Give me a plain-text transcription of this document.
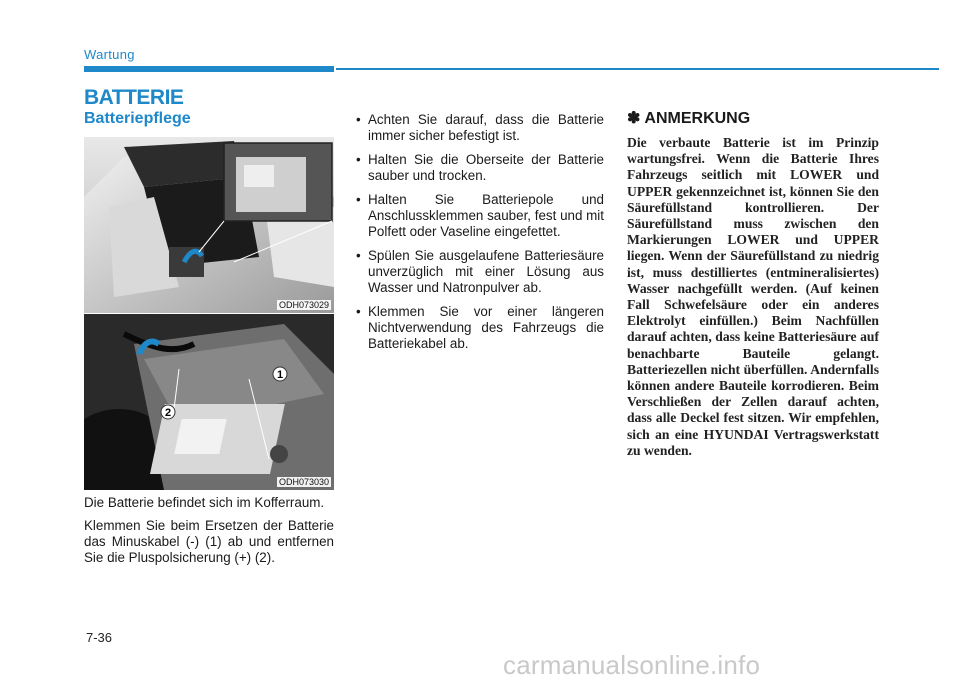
Wartung
BATTERIE
Batteriepflege
ODH073029
1
2
ODH073030

Die Batterie befindet sich im Kofferraum.

Klemmen Sie beim Ersetzen der Batterie das Minuskabel (-) (1) ab und entfernen Sie die Pluspolsicherung (+) (2).

• Achten Sie darauf, dass die Batterie immer sicher befestigt ist.
• Halten Sie die Oberseite der Batterie sauber und trocken.
• Halten Sie Batteriepole und Anschlussklemmen sauber, fest und mit Polfett oder Vaseline eingefettet.
• Spülen Sie ausgelaufene Batteriesäure unverzüglich mit einer Lösung aus Wasser und Natronpulver ab.
• Klemmen Sie vor einer längeren Nichtverwendung des Fahrzeugs die Batteriekabel ab.
✽ ANMERKUNG

Die verbaute Batterie ist im Prinzip wartungsfrei. Wenn die Batterie Ihres Fahrzeugs seitlich mit LOWER und UPPER gekennzeichnet ist, können Sie den Säurefüllstand kontrollieren. Der Säurefüllstand muss zwischen den Markierungen LOWER und UPPER liegen. Wenn der Säurefüllstand zu niedrig ist, muss destilliertes (entmineralisiertes) Wasser nachgefüllt werden. (Auf keinen Fall Schwefelsäure oder ein anderes Elektrolyt einfüllen.) Beim Nachfüllen darauf achten, dass keine Batteriesäure auf benachbarte Bauteile gelangt. Batteriezellen nicht überfüllen. Andernfalls können andere Bauteile korrodieren. Beim Verschließen der Zellen darauf achten, dass alle Deckel fest sitzen. Wir empfehlen, sich an eine HYUNDAI Vertragswerkstatt zu wenden.

7-36
carmanualsonline.info
